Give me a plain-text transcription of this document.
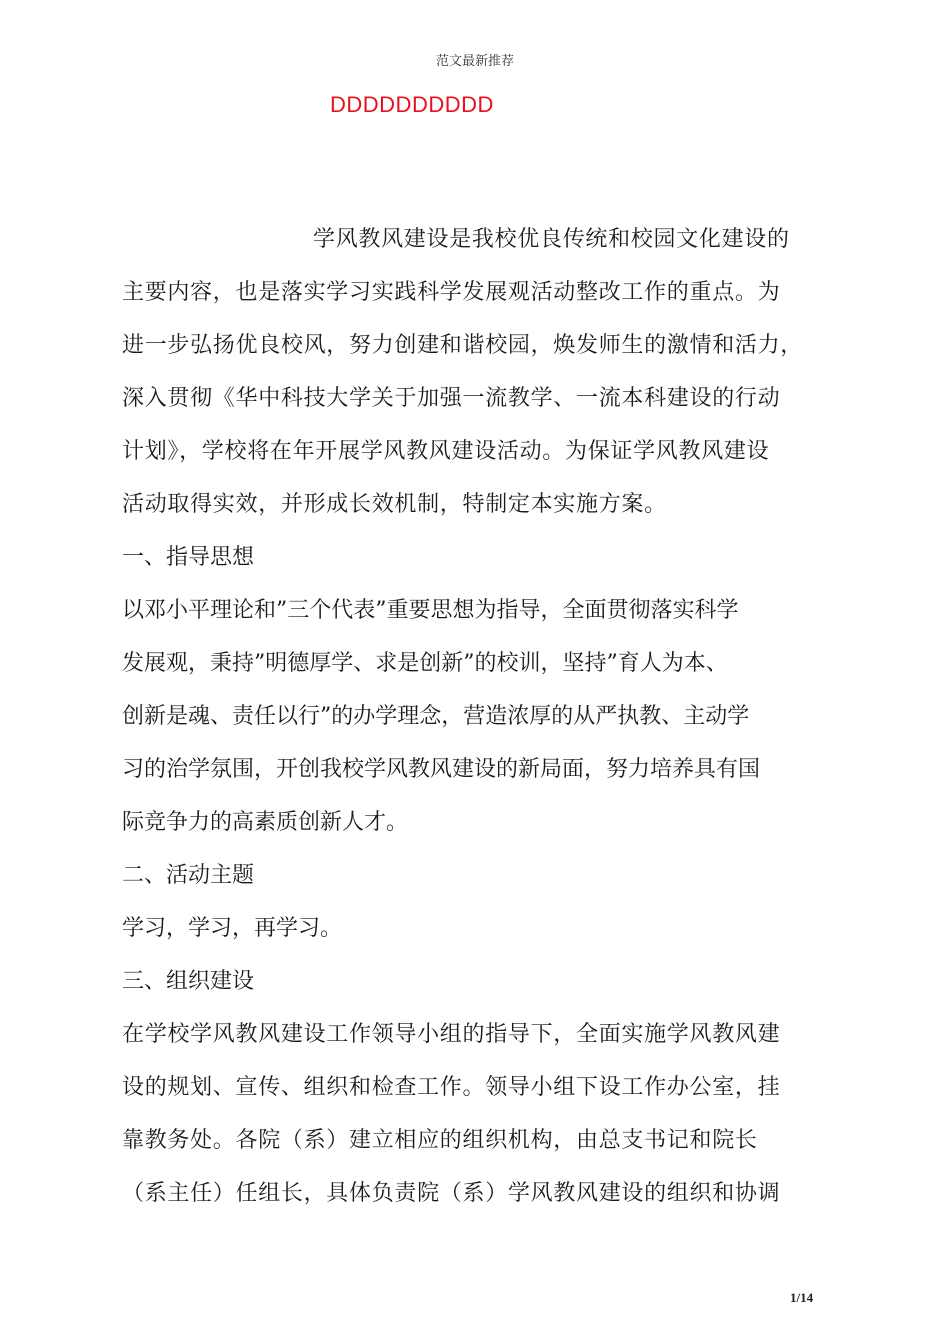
范文最新推荐
DDDDDDDDDD
学风教风建设是我校优良传统和校园文化建设的
主要内容，也是落实学习实践科学发展观活动整改工作的重点。为
进一步弘扬优良校风，努力创建和谐校园，焕发师生的激情和活力，
深入贯彻《华中科技大学关于加强一流教学、一流本科建设的行动
计划》，学校将在年开展学风教风建设活动。为保证学风教风建设
活动取得实效，并形成长效机制，特制定本实施方案。
一、指导思想
以邓小平理论和”三个代表”重要思想为指导，全面贯彻落实科学
发展观，秉持”明德厚学、求是创新”的校训，坚持”育人为本、
创新是魂、责任以行”的办学理念，营造浓厚的从严执教、主动学
习的治学氛围，开创我校学风教风建设的新局面，努力培养具有国
际竞争力的高素质创新人才。
二、活动主题
学习，学习，再学习。
三、组织建设
在学校学风教风建设工作领导小组的指导下，全面实施学风教风建
设的规划、宣传、组织和检查工作。领导小组下设工作办公室，挂
靠教务处。各院（系）建立相应的组织机构，由总支书记和院长
（系主任）任组长，具体负责院（系）学风教风建设的组织和协调
1/14
